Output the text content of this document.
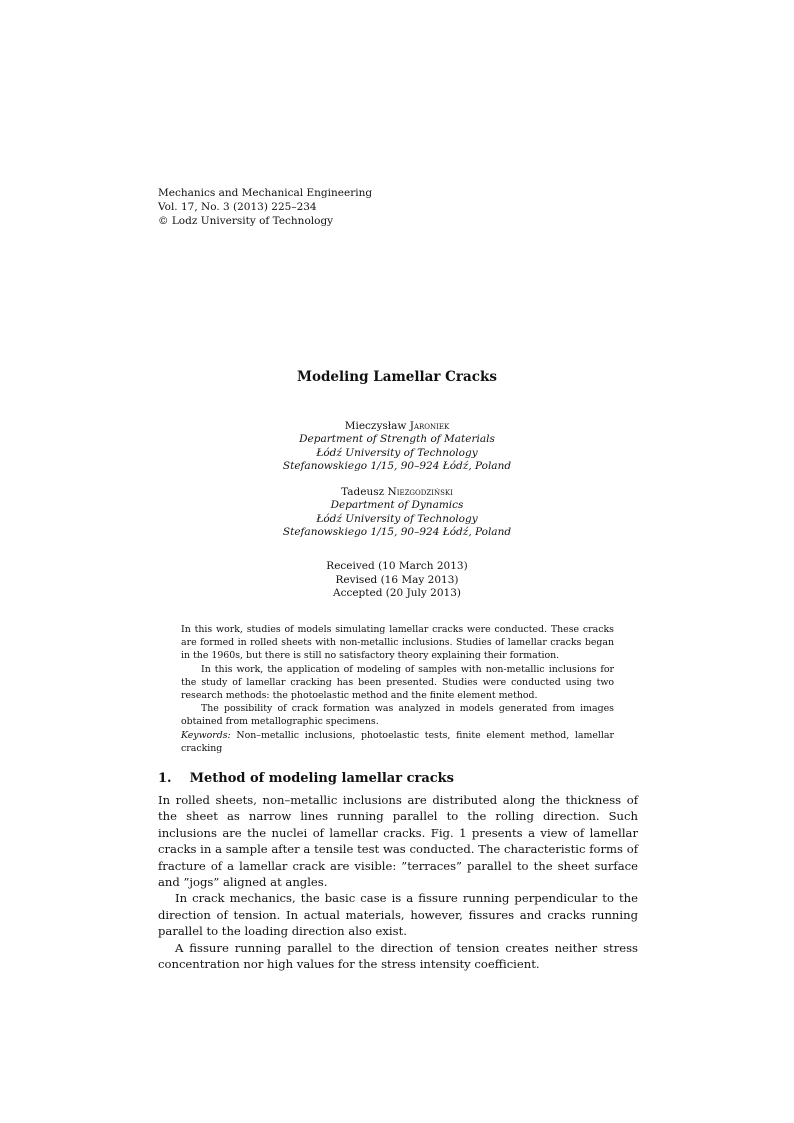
Mechanics and Mechanical Engineering
Vol. 17, No. 3 (2013) 225–234
© Lodz University of Technology
Modeling Lamellar Cracks
Mieczysław Jaroniek
Department of Strength of Materials
Łódź University of Technology
Stefanowskiego 1/15, 90–924 Łódź, Poland
Tadeusz Niezgodziński
Department of Dynamics
Łódź University of Technology
Stefanowskiego 1/15, 90–924 Łódź, Poland
Received (10 March 2013)
Revised (16 May 2013)
Accepted (20 July 2013)

In this work, studies of models simulating lamellar cracks were conducted. These cracks are formed in rolled sheets with non-metallic inclusions. Studies of lamellar cracks began in the 1960s, but there is still no satisfactory theory explaining their formation.

In this work, the application of modeling of samples with non-metallic inclusions for the study of lamellar cracking has been presented. Studies were conducted using two research methods: the photoelastic method and the finite element method.

The possibility of crack formation was analyzed in models generated from images obtained from metallographic specimens.

Keywords: Non–metallic inclusions, photoelastic tests, finite element method, lamellar cracking
1. Method of modeling lamellar cracks

In rolled sheets, non–metallic inclusions are distributed along the thickness of the sheet as narrow lines running parallel to the rolling direction. Such inclusions are the nuclei of lamellar cracks. Fig. 1 presents a view of lamellar cracks in a sample after a tensile test was conducted. The characteristic forms of fracture of a lamellar crack are visible: ”terraces” parallel to the sheet surface and ”jogs” aligned at angles.

In crack mechanics, the basic case is a fissure running perpendicular to the direction of tension. In actual materials, however, fissures and cracks running parallel to the loading direction also exist.

A fissure running parallel to the direction of tension creates neither stress concentration nor high values for the stress intensity coefficient.
